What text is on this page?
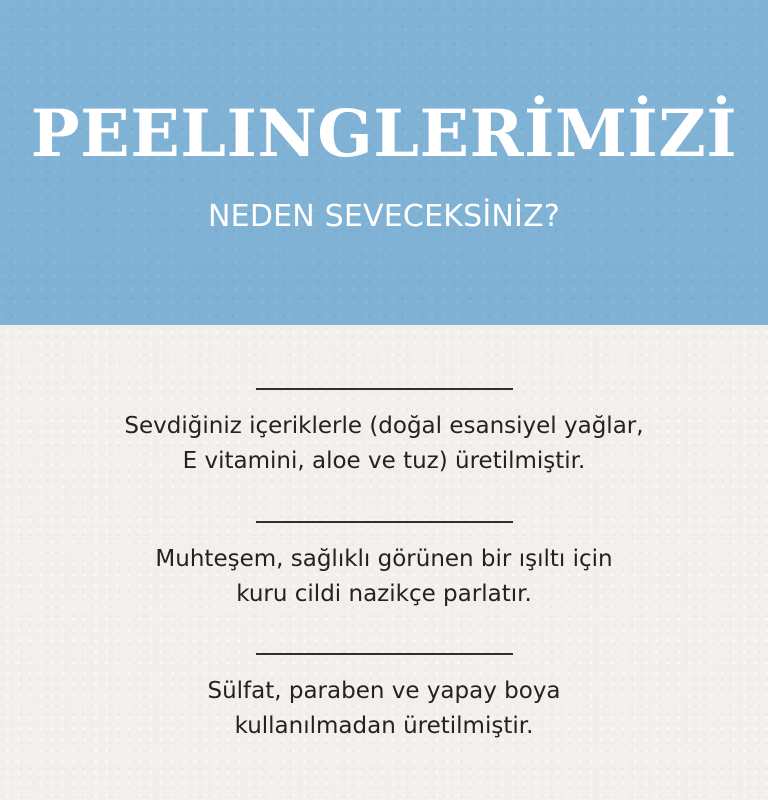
PEELINGLERİMİZİ
NEDEN SEVECEKSİNİZ?
Sevdiğiniz içeriklerle (doğal esansiyel yağlar,
E vitamini, aloe ve tuz) üretilmiştir.
Muhteşem, sağlıklı görünen bir ışıltı için
kuru cildi nazikçe parlatır.
Sülfat, paraben ve yapay boya
kullanılmadan üretilmiştir.
